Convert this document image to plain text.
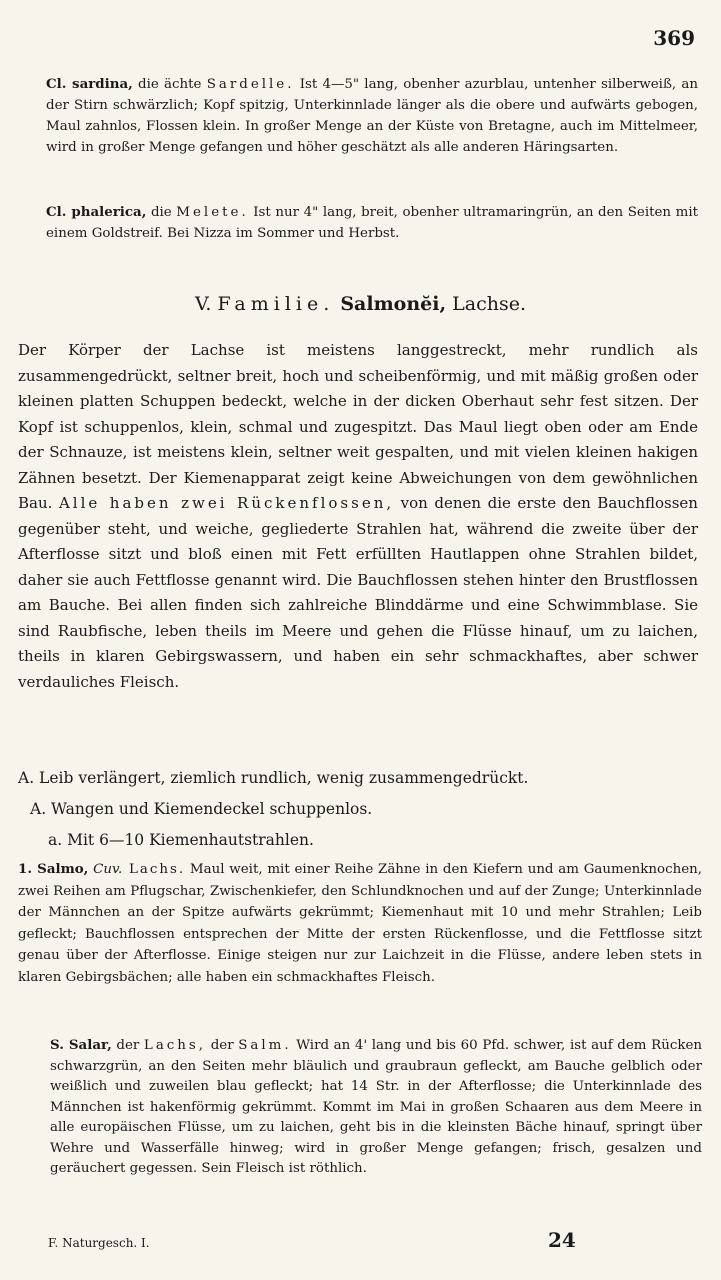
369

Cl. sardina, die ächte Sardelle. Ist 4—5" lang, obenher azurblau, untenher silberweiß, an der Stirn schwärzlich; Kopf spitzig, Unterkinnlade länger als die obere und aufwärts gebogen, Maul zahnlos, Flossen klein. In großer Menge an der Küste von Bretagne, auch im Mittelmeer, wird in großer Menge gefangen und höher geschätzt als alle anderen Häringsarten.

Cl. phalerica, die Melete. Ist nur 4" lang, breit, obenher ultramaringrün, an den Seiten mit einem Goldstreif. Bei Nizza im Sommer und Herbst.

V. Familie. Salmonĕi, Lachse.

Der Körper der Lachse ist meistens langgestreckt, mehr rundlich als zusammengedrückt, seltner breit, hoch und scheibenförmig, und mit mäßig großen oder kleinen platten Schuppen bedeckt, welche in der dicken Oberhaut sehr fest sitzen. Der Kopf ist schuppenlos, klein, schmal und zugespitzt. Das Maul liegt oben oder am Ende der Schnauze, ist meistens klein, seltner weit gespalten, und mit vielen kleinen hakigen Zähnen besetzt. Der Kiemenapparat zeigt keine Abweichungen von dem gewöhnlichen Bau. Alle haben zwei Rückenflossen, von denen die erste den Bauchflossen gegenüber steht, und weiche, gegliederte Strahlen hat, während die zweite über der Afterflosse sitzt und bloß einen mit Fett erfüllten Hautlappen ohne Strahlen bildet, daher sie auch Fettflosse genannt wird. Die Bauchflossen stehen hinter den Brustflossen am Bauche. Bei allen finden sich zahlreiche Blinddärme und eine Schwimmblase. Sie sind Raubfische, leben theils im Meere und gehen die Flüsse hinauf, um zu laichen, theils in klaren Gebirgswassern, und haben ein sehr schmackhaftes, aber schwer verdauliches Fleisch.

A. Leib verlängert, ziemlich rundlich, wenig zusammengedrückt.
A. Wangen und Kiemendeckel schuppenlos.
a. Mit 6—10 Kiemenhautstrahlen.

1. Salmo, Cuv. Lachs. Maul weit, mit einer Reihe Zähne in den Kiefern und am Gaumenknochen, zwei Reihen am Pflugschar, Zwischenkiefer, den Schlundknochen und auf der Zunge; Unterkinnlade der Männchen an der Spitze aufwärts gekrümmt; Kiemenhaut mit 10 und mehr Strahlen; Leib gefleckt; Bauchflossen entsprechen der Mitte der ersten Rückenflosse, und die Fettflosse sitzt genau über der Afterflosse. Einige steigen nur zur Laichzeit in die Flüsse, andere leben stets in klaren Gebirgsbächen; alle haben ein schmackhaftes Fleisch.

S. Salar, der Lachs, der Salm. Wird an 4' lang und bis 60 Pfd. schwer, ist auf dem Rücken schwarzgrün, an den Seiten mehr bläulich und graubraun gefleckt, am Bauche gelblich oder weißlich und zuweilen blau gefleckt; hat 14 Str. in der Afterflosse; die Unterkinnlade des Männchen ist hakenförmig gekrümmt. Kommt im Mai in großen Schaaren aus dem Meere in alle europäischen Flüsse, um zu laichen, geht bis in die kleinsten Bäche hinauf, springt über Wehre und Wasserfälle hinweg; wird in großer Menge gefangen; frisch, gesalzen und geräuchert gegessen. Sein Fleisch ist röthlich.

F. Naturgesch. I.	24
